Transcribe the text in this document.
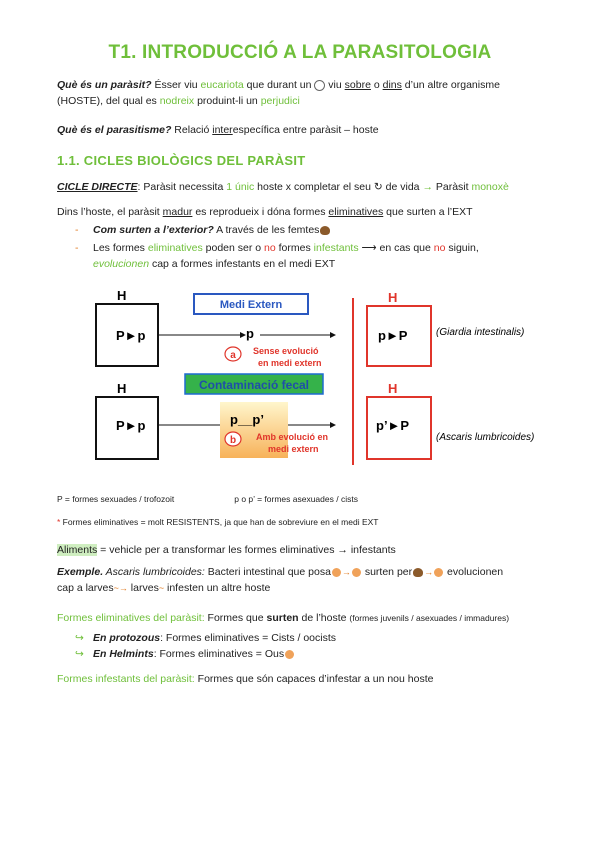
T1. INTRODUCCIÓ A LA PARASITOLOGIA
Què és un paràsit? Ésser viu eucariota que durant un  viu sobre o dins d’un altre organisme
(HOSTE), del qual es nodreix produint-li un perjudici
Què és el parasitisme? Relació interespecífica entre paràsit – hoste
1.1. CICLES BIOLÒGICS DEL PARÀSIT
CICLE DIRECTE: Paràsit necessita 1 únic hoste x completar el seu ↻ de vida → Paràsit monoxè
Dins l’hoste, el paràsit madur es reprodueix i dóna formes eliminatives que surten a l’EXT
- Com surten a l’exterior? A través de les femtes
- Les formes eliminatives poden ser o no formes infestants ⟶ en cas que no siguin,
evolucionen cap a formes infestants en el medi EXT
H
P►p
Medi Extern
p
a Sense evolució
en medi extern
Contaminació fecal
H
P►p	p__p’
b Amb evolució en
medi extern
H
p►P
H
p’►P
(Giardia intestinalis)
(Ascaris lumbricoides)
P = formes sexuades / trofozoit	p o p’ = formes asexuades / cists
* Formes eliminatives = molt RESISTENTS, ja que han de sobreviure en el medi EXT
Aliments = vehicle per a transformar les formes eliminatives → infestants
Exemple. Ascaris lumbricoides: Bacteri intestinal que posa → surten per → evolucionen
cap a larves~→ larves~ infesten un altre hoste
Formes eliminatives del paràsit: Formes que surten de l’hoste (formes juvenils / asexuades / immadures)
↪ En protozous: Formes eliminatives = Cists / oocists
↪ En Helmints: Formes eliminatives = Ous
Formes infestants del paràsit: Formes que són capaces d’infestar a un nou hoste
